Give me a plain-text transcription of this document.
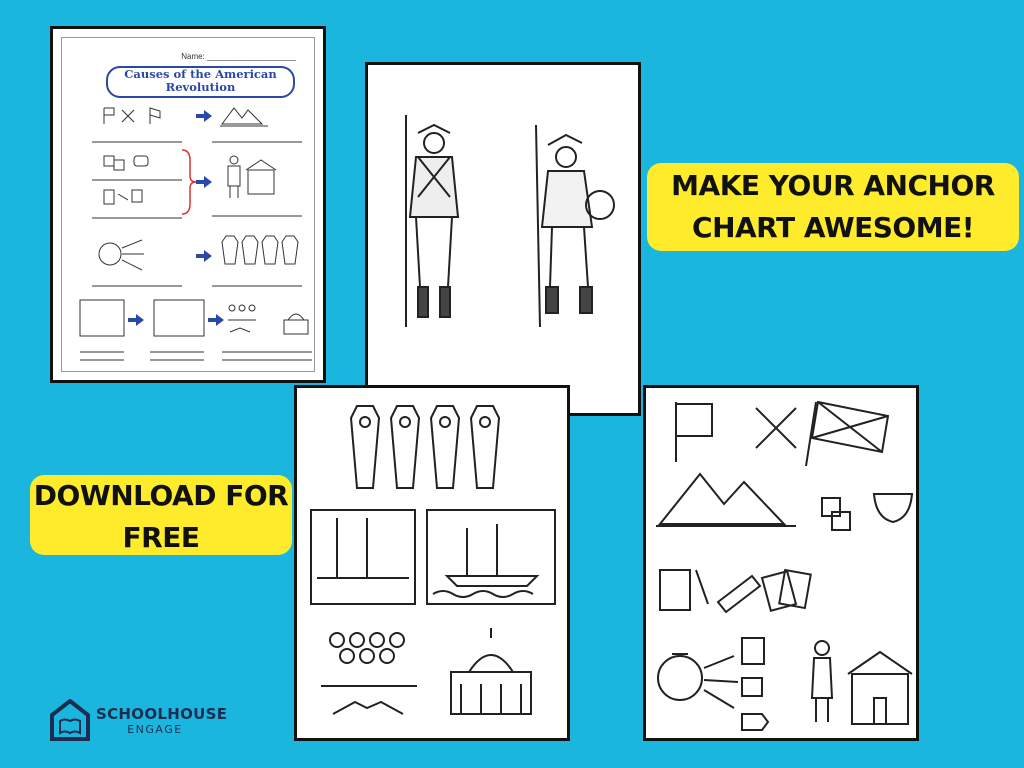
Name: ____________________
Causes of the American
Revolution
MAKE YOUR ANCHOR
CHART AWESOME!
DOWNLOAD FOR
FREE
SCHOOLHOUSE
ENGAGE
